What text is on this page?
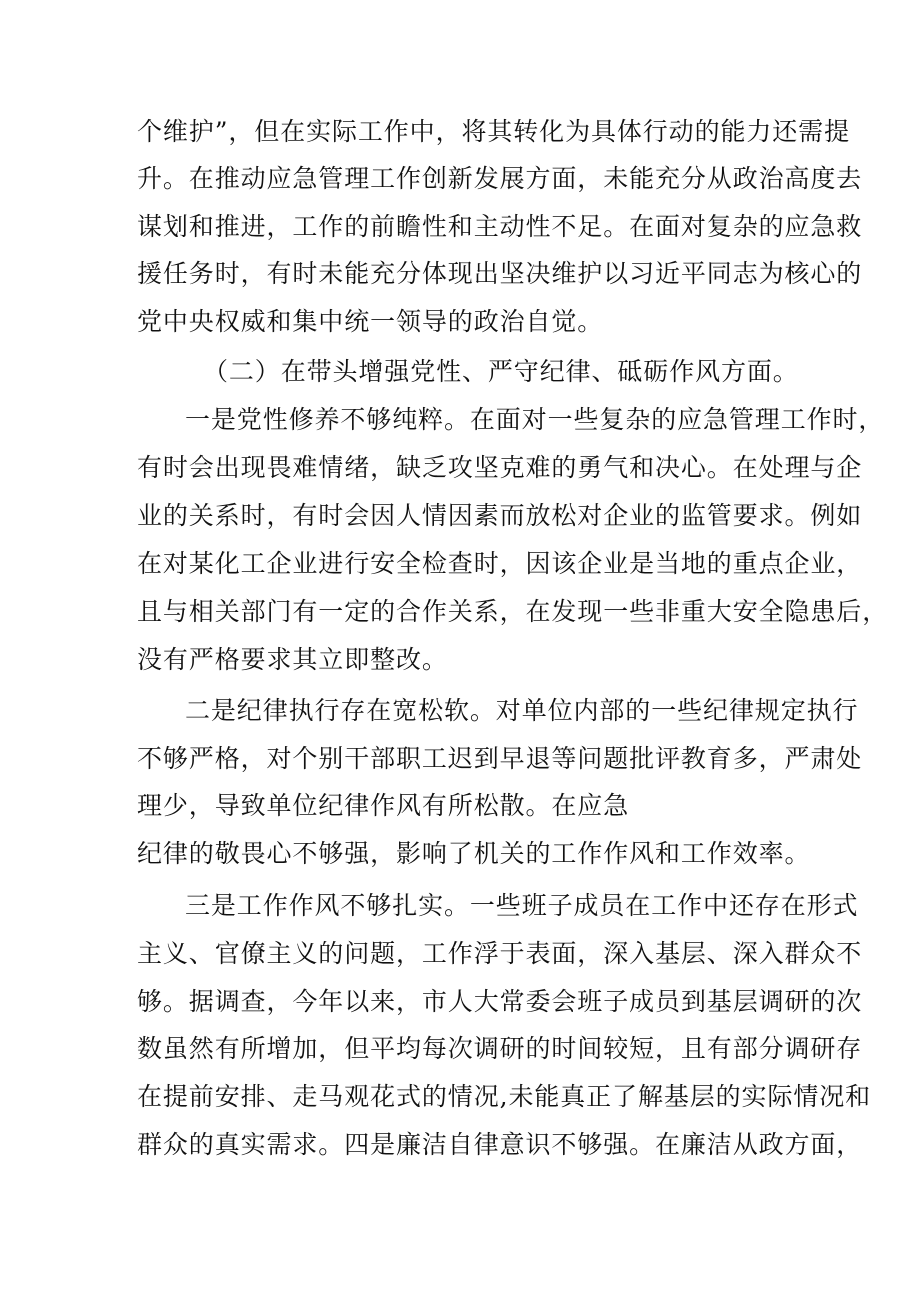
个维护”，但在实际工作中，将其转化为具体行动的能力还需提
升。在推动应急管理工作创新发展方面，未能充分从政治高度去
谋划和推进，工作的前瞻性和主动性不足。在面对复杂的应急救
援任务时，有时未能充分体现出坚决维护以习近平同志为核心的
党中央权威和集中统一领导的政治自觉。
（二）在带头增强党性、严守纪律、砥砺作风方面。
一是党性修养不够纯粹。在面对一些复杂的应急管理工作时，
有时会出现畏难情绪，缺乏攻坚克难的勇气和决心。在处理与企
业的关系时，有时会因人情因素而放松对企业的监管要求。例如
在对某化工企业进行安全检查时，因该企业是当地的重点企业，
且与相关部门有一定的合作关系，在发现一些非重大安全隐患后，
没有严格要求其立即整改。
二是纪律执行存在宽松软。对单位内部的一些纪律规定执行
不够严格，对个别干部职工迟到早退等问题批评教育多，严肃处
理少，导致单位纪律作风有所松散。在应急
纪律的敬畏心不够强，影响了机关的工作作风和工作效率。
三是工作作风不够扎实。一些班子成员在工作中还存在形式
主义、官僚主义的问题，工作浮于表面，深入基层、深入群众不
够。据调查，今年以来，市人大常委会班子成员到基层调研的次
数虽然有所增加，但平均每次调研的时间较短，且有部分调研存
在提前安排、走马观花式的情况,未能真正了解基层的实际情况和
群众的真实需求。四是廉洁自律意识不够强。在廉洁从政方面，
